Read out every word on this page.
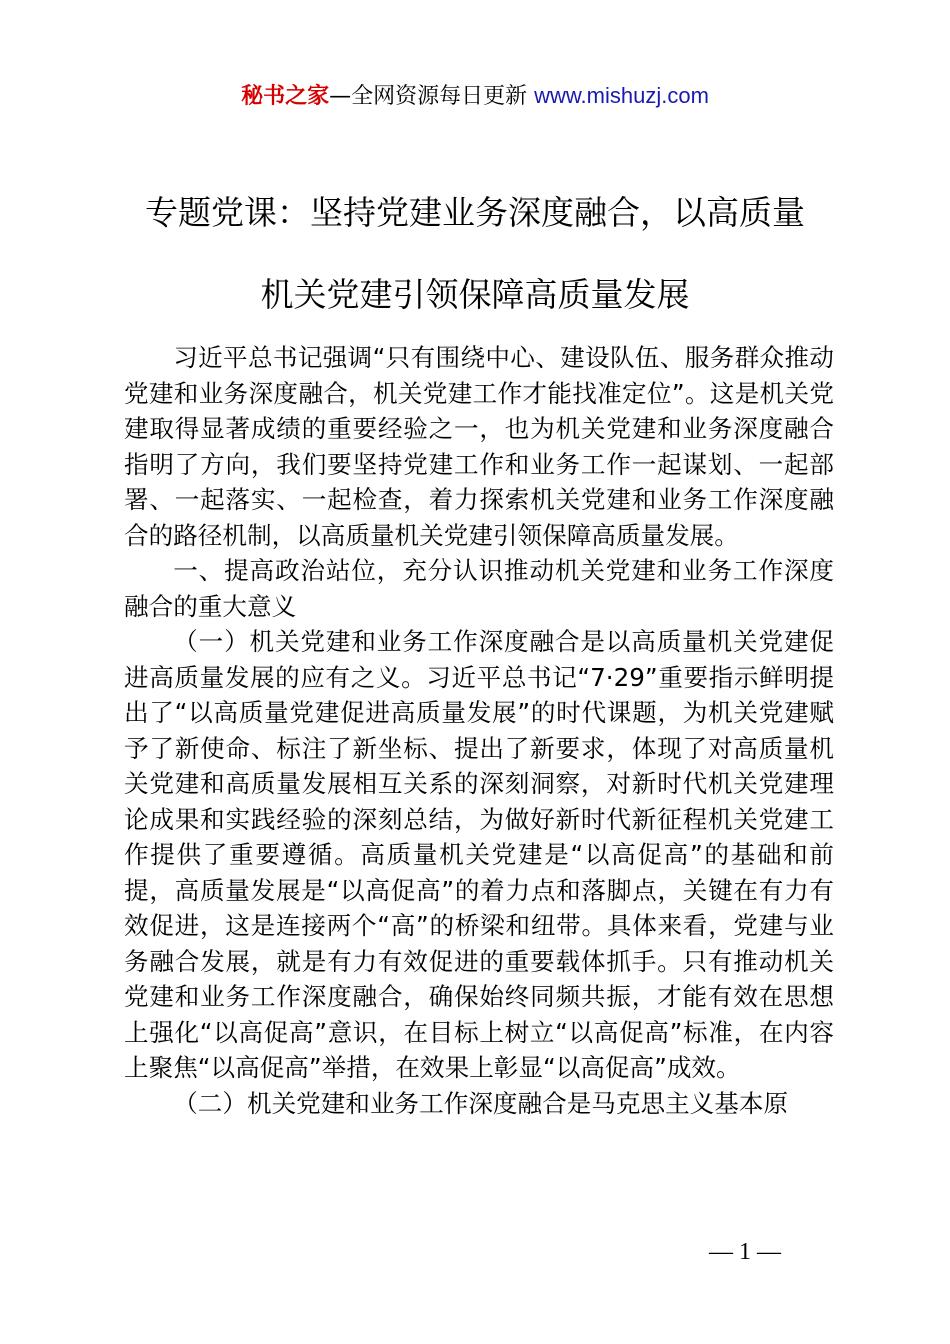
秘书之家—全网资源每日更新 www.mishuzj.com
专题党课：坚持党建业务深度融合，以高质量
机关党建引领保障高质量发展

习近平总书记强调“只有围绕中心、建设队伍、服务群众推动党建和业务深度融合，机关党建工作才能找准定位”。这是机关党建取得显著成绩的重要经验之一，也为机关党建和业务深度融合指明了方向，我们要坚持党建工作和业务工作一起谋划、一起部署、一起落实、一起检查，着力探索机关党建和业务工作深度融合的路径机制，以高质量机关党建引领保障高质量发展。

一、提高政治站位，充分认识推动机关党建和业务工作深度融合的重大意义

（一）机关党建和业务工作深度融合是以高质量机关党建促进高质量发展的应有之义。习近平总书记“7·29”重要指示鲜明提出了“以高质量党建促进高质量发展”的时代课题，为机关党建赋予了新使命、标注了新坐标、提出了新要求，体现了对高质量机关党建和高质量发展相互关系的深刻洞察，对新时代机关党建理论成果和实践经验的深刻总结，为做好新时代新征程机关党建工作提供了重要遵循。高质量机关党建是“以高促高”的基础和前提，高质量发展是“以高促高”的着力点和落脚点，关键在有力有效促进，这是连接两个“高”的桥梁和纽带。具体来看，党建与业务融合发展，就是有力有效促进的重要载体抓手。只有推动机关党建和业务工作深度融合，确保始终同频共振，才能有效在思想上强化“以高促高”意识，在目标上树立“以高促高”标准，在内容上聚焦“以高促高”举措，在效果上彰显“以高促高”成效。

（二）机关党建和业务工作深度融合是马克思主义基本原

— 1 —
